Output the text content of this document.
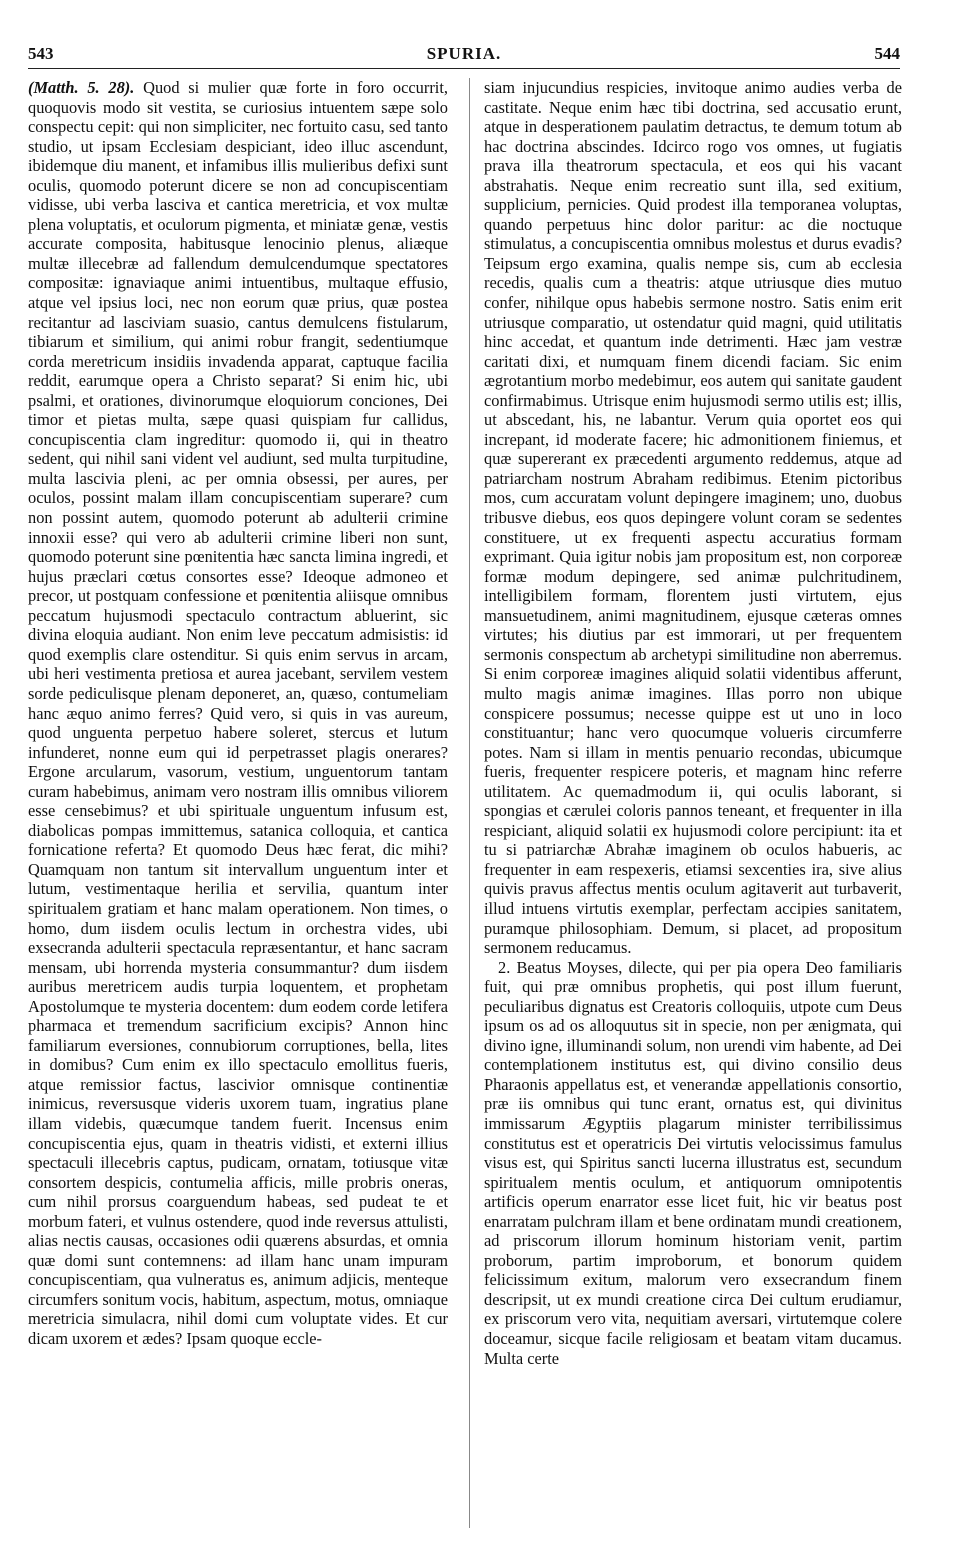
543	SPURIA.	544

(Matth. 5. 28). Quod si mulier quæ forte in foro occurrit, quoquovis modo sit vestita, se curiosius intuentem sæpe solo conspectu cepit: qui non simpliciter, nec fortuito casu, sed tanto studio, ut ipsam Ecclesiam despiciant, ideo illuc ascendunt, ibidemque diu manent, et infamibus illis mulieribus defixi sunt oculis, quomodo poterunt dicere se non ad concupiscentiam vidisse, ubi verba lasciva et cantica meretricia, et vox multæ plena voluptatis, et oculorum pigmenta, et miniatæ genæ, vestis accurate composita, habitusque lenocinio plenus, aliæque multæ illecebræ ad fallendum demulcendumque spectatores compositæ: ignaviaque animi intuentibus, multaque effusio, atque vel ipsius loci, nec non eorum quæ prius, quæ postea recitantur ad lasciviam suasio, cantus demulcens fistularum, tibiarum et similium, qui animi robur frangit, sedentiumque corda meretricum insidiis invadenda apparat, captuque facilia reddit, earumque opera a Christo separat? Si enim hic, ubi psalmi, et orationes, divinorumque eloquiorum conciones, Dei timor et pietas multa, sæpe quasi quispiam fur callidus, concupiscentia clam ingreditur: quomodo ii, qui in theatro sedent, qui nihil sani vident vel audiunt, sed multa turpitudine, multa lascivia pleni, ac per omnia obsessi, per aures, per oculos, possint malam illam concupiscentiam superare? cum non possint autem, quomodo poterunt ab adulterii crimine innoxii esse? qui vero ab adulterii crimine liberi non sunt, quomodo poterunt sine pœnitentia hæc sancta limina ingredi, et hujus præclari cœtus consortes esse? Ideoque admoneo et precor, ut postquam confessione et pœnitentia aliisque omnibus peccatum hujusmodi spectaculo contractum abluerint, sic divina eloquia audiant. Non enim leve peccatum admisistis: id quod exemplis clare ostenditur. Si quis enim servus in arcam, ubi heri vestimenta pretiosa et aurea jacebant, servilem vestem sorde pediculisque plenam deponeret, an, quæso, contumeliam hanc æquo animo ferres? Quid vero, si quis in vas aureum, quod unguenta perpetuo habere soleret, stercus et lutum infunderet, nonne eum qui id perpetrasset plagis onerares? Ergone arcularum, vasorum, vestium, unguentorum tantam curam habebimus, animam vero nostram illis omnibus viliorem esse censebimus? et ubi spirituale unguentum infusum est, diabolicas pompas immittemus, satanica colloquia, et cantica fornicatione referta? Et quomodo Deus hæc ferat, dic mihi? Quamquam non tantum sit intervallum unguentum inter et lutum, vestimentaque herilia et servilia, quantum inter spiritualem gratiam et hanc malam operationem. Non times, o homo, dum iisdem oculis lectum in orchestra vides, ubi exsecranda adulterii spectacula repræsentantur, et hanc sacram mensam, ubi horrenda mysteria consummantur? dum iisdem auribus meretricem audis turpia loquentem, et prophetam Apostolumque te mysteria docentem: dum eodem corde letifera pharmaca et tremendum sacrificium excipis? Annon hinc familiarum eversiones, connubiorum corruptiones, bella, lites in domibus? Cum enim ex illo spectaculo emollitus fueris, atque remissior factus, lascivior omnisque continentiæ inimicus, reversusque videris uxorem tuam, ingratius plane illam videbis, quæcumque tandem fuerit. Incensus enim concupiscentia ejus, quam in theatris vidisti, et externi illius spectaculi illecebris captus, pudicam, ornatam, totiusque vitæ consortem despicis, contumelia afficis, mille probris oneras, cum nihil prorsus coarguendum habeas, sed pudeat te et morbum fateri, et vulnus ostendere, quod inde reversus attulisti, alias nectis causas, occasiones odii quærens absurdas, et omnia quæ domi sunt contemnens: ad illam hanc unam impuram concupiscentiam, qua vulneratus es, animum adjicis, menteque circumfers sonitum vocis, habitum, aspectum, motus, omniaque meretricia simulacra, nihil domi cum voluptate vides. Et cur dicam uxorem et ædes? Ipsam quoque eccle-

siam injucundius respicies, invitoque animo audies verba de castitate. Neque enim hæc tibi doctrina, sed accusatio erunt, atque in desperationem paulatim detractus, te demum totum ab hac doctrina abscindes. Idcirco rogo vos omnes, ut fugiatis prava illa theatrorum spectacula, et eos qui his vacant abstrahatis. Neque enim recreatio sunt illa, sed exitium, supplicium, pernicies. Quid prodest illa temporanea voluptas, quando perpetuus hinc dolor paritur: ac die noctuque stimulatus, a concupiscentia omnibus molestus et durus evadis? Teipsum ergo examina, qualis nempe sis, cum ab ecclesia recedis, qualis cum a theatris: atque utriusque dies mutuo confer, nihilque opus habebis sermone nostro. Satis enim erit utriusque comparatio, ut ostendatur quid magni, quid utilitatis hinc accedat, et quantum inde detrimenti. Hæc jam vestræ caritati dixi, et numquam finem dicendi faciam. Sic enim ægrotantium morbo medebimur, eos autem qui sanitate gaudent confirmabimus. Utrisque enim hujusmodi sermo utilis est; illis, ut abscedant, his, ne labantur. Verum quia oportet eos qui increpant, id moderate facere; hic admonitionem finiemus, et quæ supererant ex præcedenti argumento reddemus, atque ad patriarcham nostrum Abraham redibimus. Etenim pictoribus mos, cum accuratam volunt depingere imaginem; uno, duobus tribusve diebus, eos quos depingere volunt coram se sedentes constituere, ut ex frequenti aspectu accuratius formam exprimant. Quia igitur nobis jam propositum est, non corporeæ formæ modum depingere, sed animæ pulchritudinem, intelligibilem formam, florentem justi virtutem, ejus mansuetudinem, animi magnitudinem, ejusque cæteras omnes virtutes; his diutius par est immorari, ut per frequentem sermonis conspectum ab archetypi similitudine non aberremus. Si enim corporeæ imagines aliquid solatii videntibus afferunt, multo magis animæ imagines. Illas porro non ubique conspicere possumus; necesse quippe est ut uno in loco constituantur; hanc vero quocumque volueris circumferre potes. Nam si illam in mentis penuario recondas, ubicumque fueris, frequenter respicere poteris, et magnam hinc referre utilitatem. Ac quemadmodum ii, qui oculis laborant, si spongias et cærulei coloris pannos teneant, et frequenter in illa respiciant, aliquid solatii ex hujusmodi colore percipiunt: ita et tu si patriarchæ Abrahæ imaginem ob oculos habueris, ac frequenter in eam respexeris, etiamsi sexcenties ira, sive alius quivis pravus affectus mentis oculum agitaverit aut turbaverit, illud intuens virtutis exemplar, perfectam accipies sanitatem, puramque philosophiam. Demum, si placet, ad propositum sermonem reducamus.

2. Beatus Moyses, dilecte, qui per pia opera Deo familiaris fuit, qui præ omnibus prophetis, qui post illum fuerunt, peculiaribus dignatus est Creatoris colloquiis, utpote cum Deus ipsum os ad os alloquutus sit in specie, non per ænigmata, qui divino igne, illuminandi solum, non urendi vim habente, ad Dei contemplationem institutus est, qui divino consilio deus Pharaonis appellatus est, et venerandæ appellationis consortio, præ iis omnibus qui tunc erant, ornatus est, qui divinitus immissarum Ægyptiis plagarum minister terribilissimus constitutus est et operatricis Dei virtutis velocissimus famulus visus est, qui Spiritus sancti lucerna illustratus est, secundum spiritualem mentis oculum, et antiquorum omnipotentis artificis operum enarrator esse licet fuit, hic vir beatus post enarratam pulchram illam et bene ordinatam mundi creationem, ad priscorum illorum hominum historiam venit, partim proborum, partim improborum, et bonorum quidem felicissimum exitum, malorum vero exsecrandum finem descripsit, ut ex mundi creatione circa Dei cultum erudiamur, ex priscorum vero vita, nequitiam aversari, virtutemque colere doceamur, sicque facile religiosam et beatam vitam ducamus. Multa certe
